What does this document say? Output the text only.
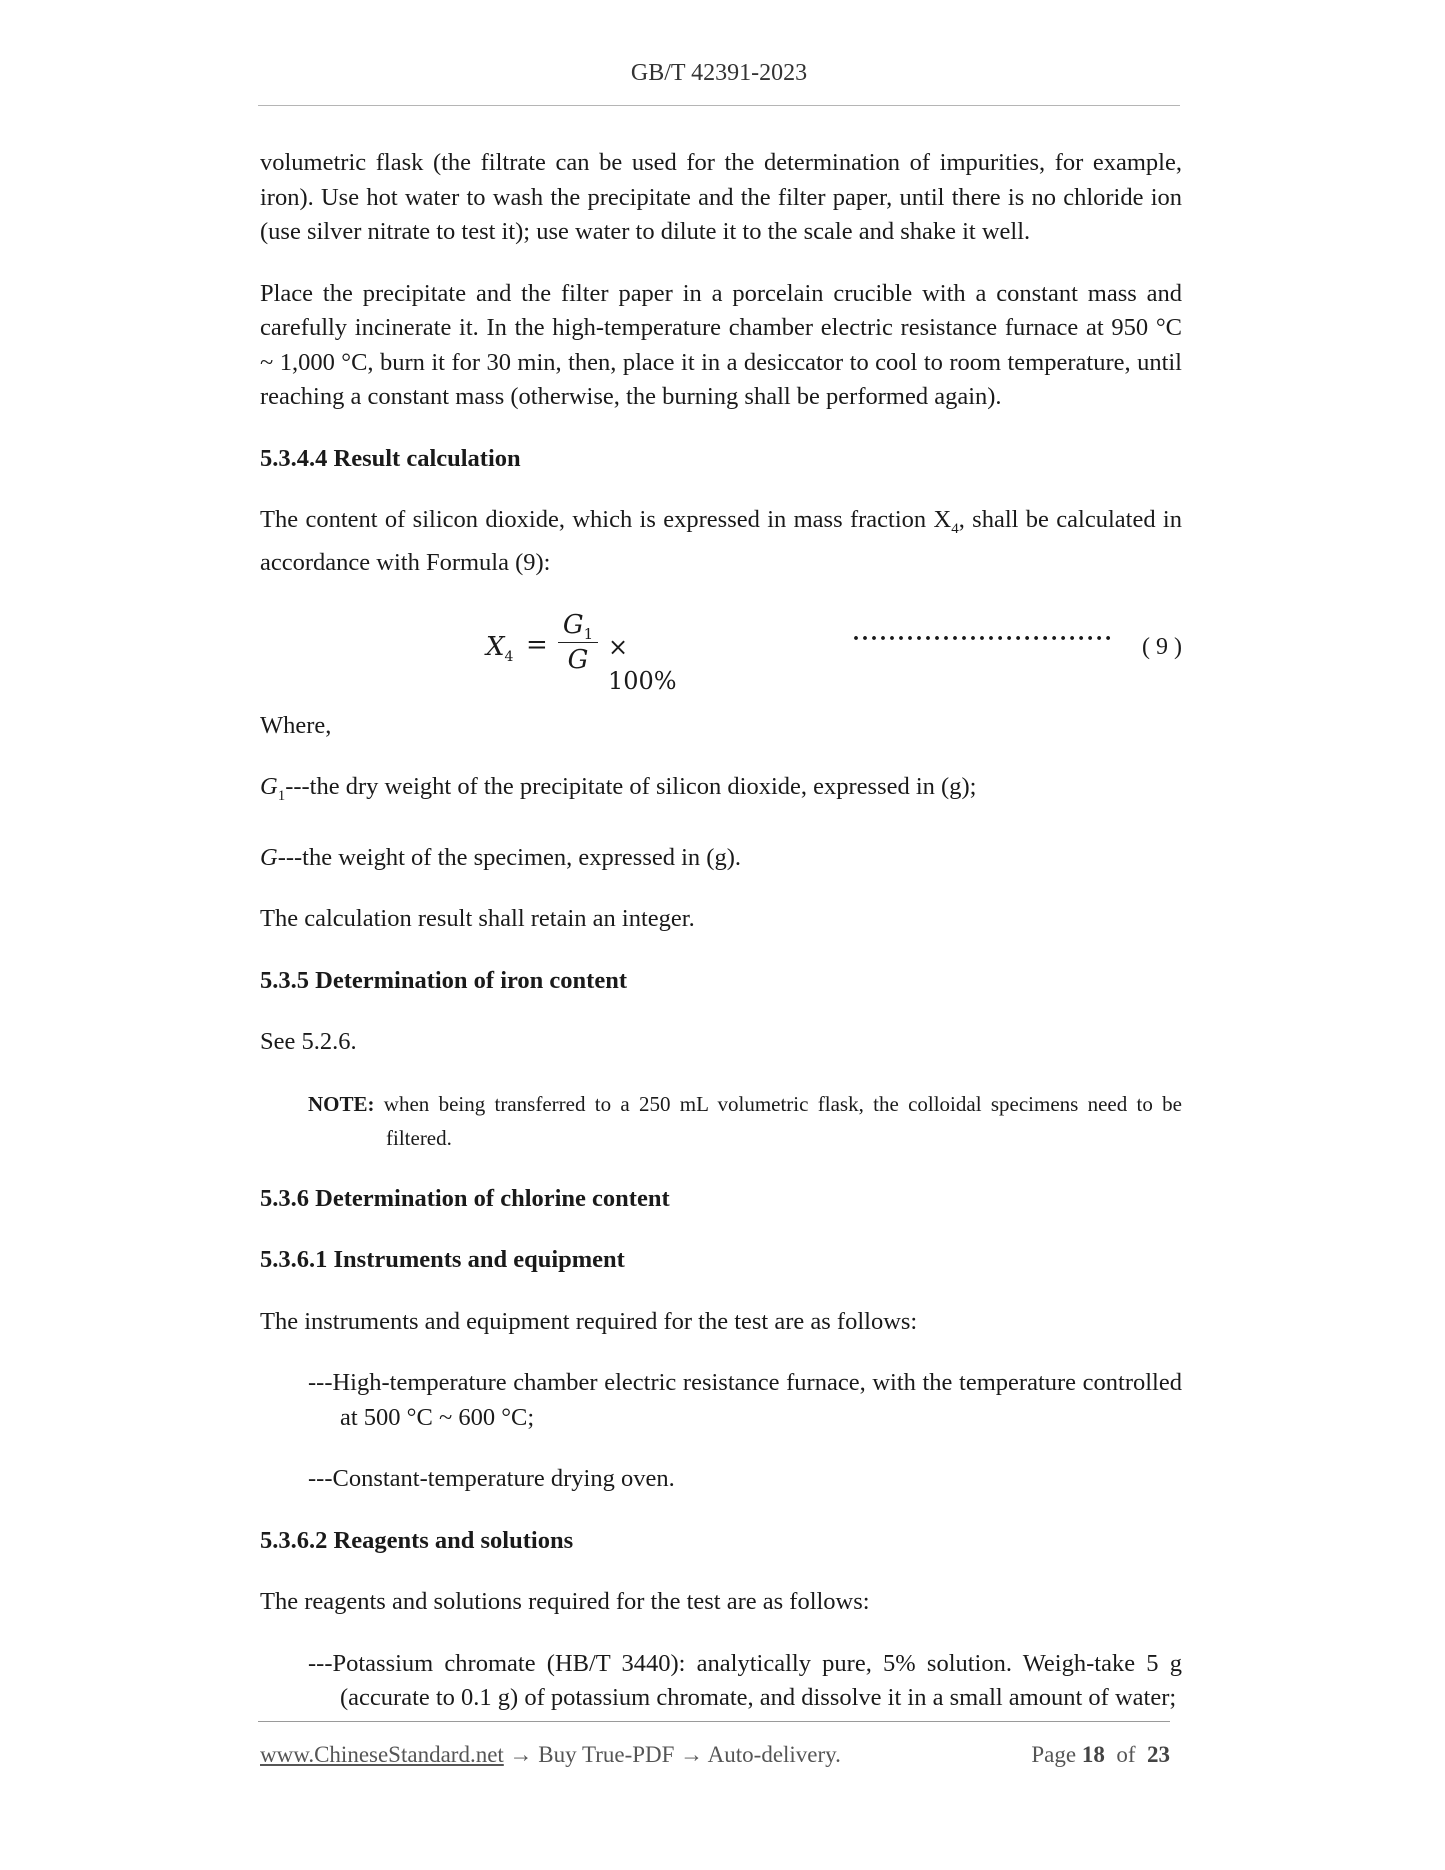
GB/T 42391-2023

volumetric flask (the filtrate can be used for the determination of impurities, for example, iron). Use hot water to wash the precipitate and the filter paper, until there is no chloride ion (use silver nitrate to test it); use water to dilute it to the scale and shake it well.

Place the precipitate and the filter paper in a porcelain crucible with a constant mass and carefully incinerate it. In the high-temperature chamber electric resistance furnace at 950 °C ~ 1,000 °C, burn it for 30 min, then, place it in a desiccator to cool to room temperature, until reaching a constant mass (otherwise, the burning shall be performed again).

5.3.4.4 Result calculation

The content of silicon dioxide, which is expressed in mass fraction $X_4$, shall be calculated in accordance with Formula (9):

$X_4$ =
$G_1$
G × 100%
····························· ( 9 )

Where,

$G_1--$-the dry weight of the precipitate of silicon dioxide, expressed in (g);

G---the weight of the specimen, expressed in (g).

The calculation result shall retain an integer.

5.3.5 Determination of iron content

See 5.2.6.

NOTE: when being transferred to a 250 mL volumetric flask, the colloidal specimens need to be filtered.

5.3.6 Determination of chlorine content

5.3.6.1 Instruments and equipment

The instruments and equipment required for the test are as follows:

---High-temperature chamber electric resistance furnace, with the temperature controlled at 500 °C ~ 600 °C;

---Constant-temperature drying oven.

5.3.6.2 Reagents and solutions

The reagents and solutions required for the test are as follows:

---Potassium chromate (HB/T 3440): analytically pure, 5% solution. Weigh-take 5 g (accurate to 0.1 g) of potassium chromate, and dissolve it in a small amount of water;

www.ChineseStandard.net → Buy True-PDF → Auto-delivery.	Page 18 of 23
